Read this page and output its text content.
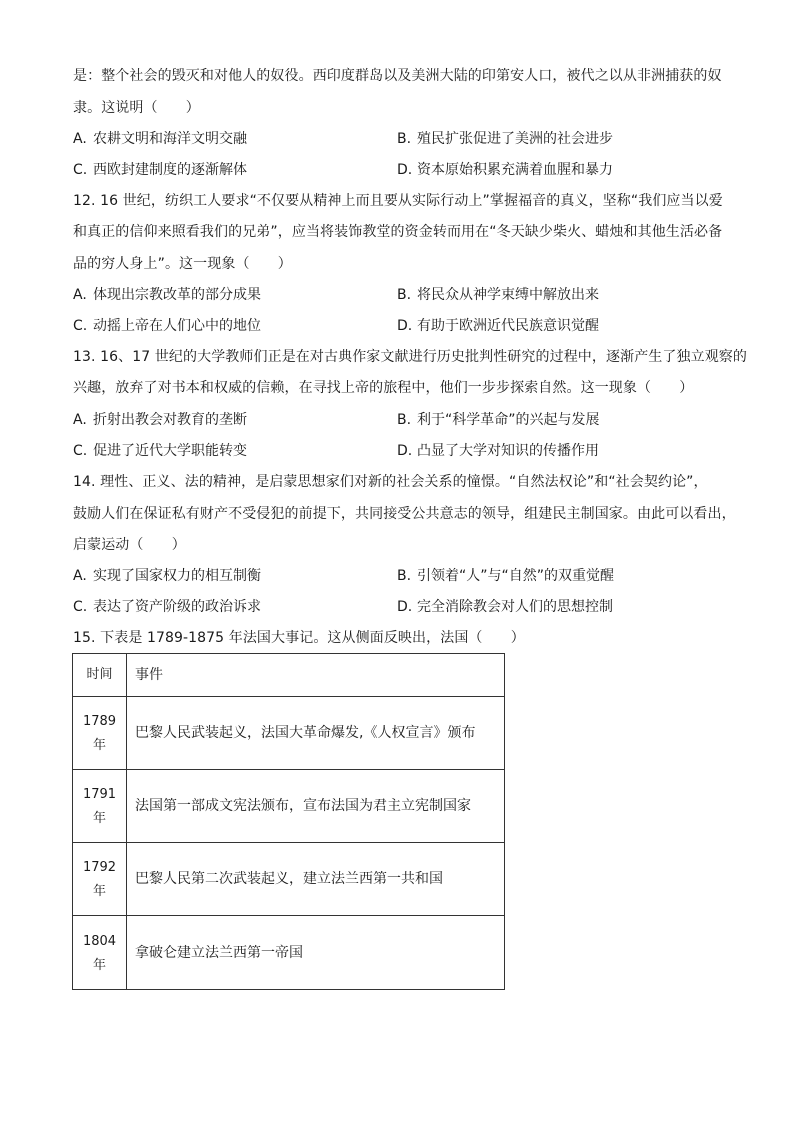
是：整个社会的毁灭和对他人的奴役。西印度群岛以及美洲大陆的印第安人口，被代之以从非洲捕获的奴
隶。这说明（　　）
A. 农耕文明和海洋文明交融	B. 殖民扩张促进了美洲的社会进步
C. 西欧封建制度的逐渐解体	D. 资本原始积累充满着血腥和暴力
12. 16 世纪，纺织工人要求“不仅要从精神上而且要从实际行动上”掌握福音的真义，坚称“我们应当以爱
和真正的信仰来照看我们的兄弟”，应当将装饰教堂的资金转而用在“冬天缺少柴火、蜡烛和其他生活必备
品的穷人身上”。这一现象（　　）
A. 体现出宗教改革的部分成果	B. 将民众从神学束缚中解放出来
C. 动摇上帝在人们心中的地位	D. 有助于欧洲近代民族意识觉醒
13. 16、17 世纪的大学教师们正是在对古典作家文献进行历史批判性研究的过程中，逐渐产生了独立观察的
兴趣，放弃了对书本和权威的信赖，在寻找上帝的旅程中，他们一步步探索自然。这一现象（　　）
A. 折射出教会对教育的垄断	B. 利于“科学革命”的兴起与发展
C. 促进了近代大学职能转变	D. 凸显了大学对知识的传播作用
14. 理性、正义、法的精神，是启蒙思想家们对新的社会关系的憧憬。“自然法权论”和“社会契约论”，
鼓励人们在保证私有财产不受侵犯的前提下，共同接受公共意志的领导，组建民主制国家。由此可以看出，
启蒙运动（　　）
A. 实现了国家权力的相互制衡	B. 引领着“人”与“自然”的双重觉醒
C. 表达了资产阶级的政治诉求	D. 完全消除教会对人们的思想控制
15. 下表是 1789-1875 年法国大事记。这从侧面反映出，法国（　　）
时间	事件

1789
年	巴黎人民武装起义，法国大革命爆发,《人权宣言》颁布

1791
年	法国第一部成文宪法颁布，宣布法国为君主立宪制国家

1792
年	巴黎人民第二次武装起义，建立法兰西第一共和国

1804
年	拿破仑建立法兰西第一帝国
